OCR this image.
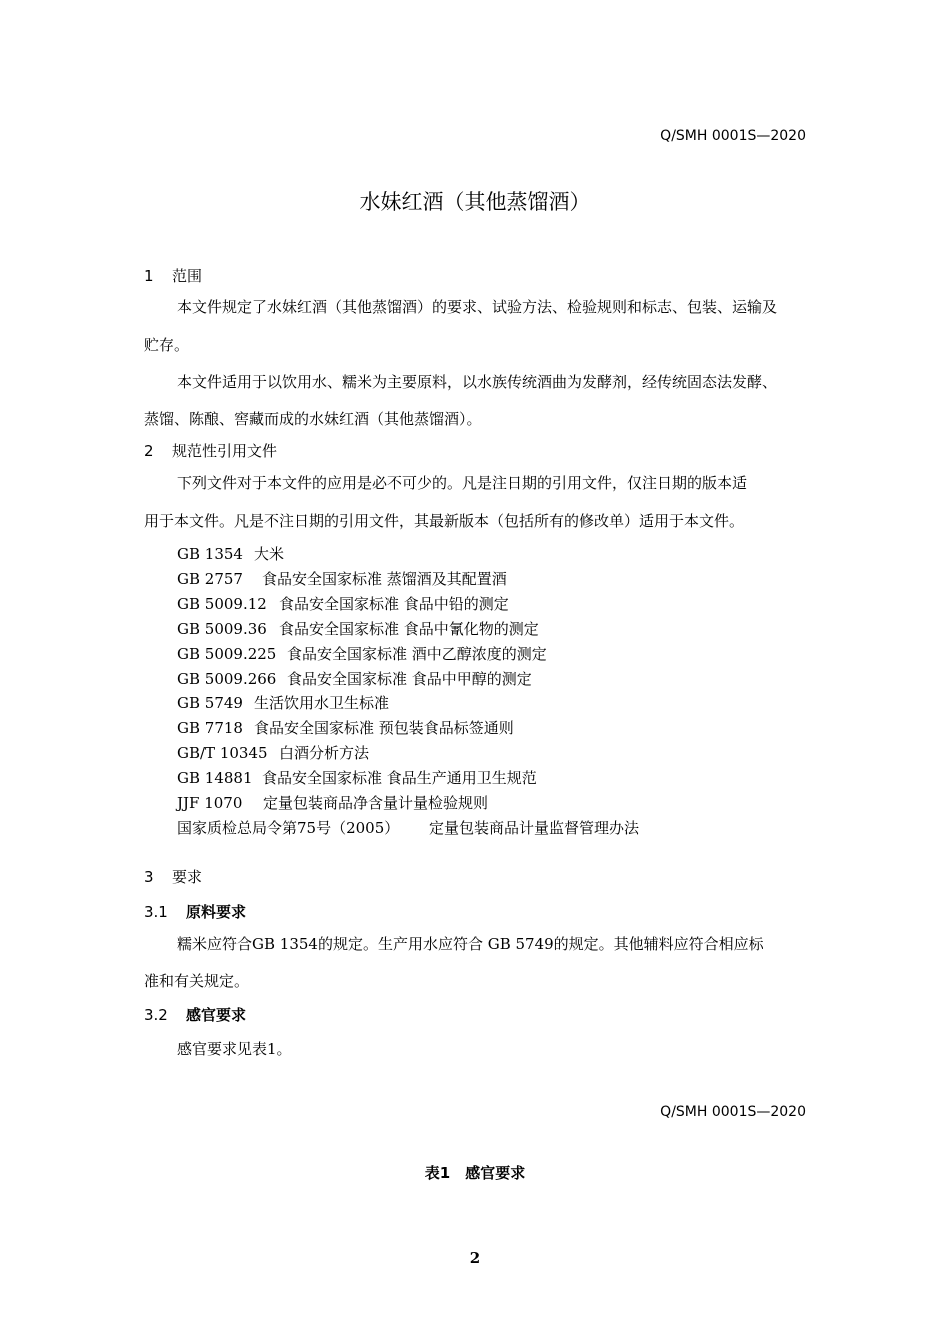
Q/SMH 0001S—2020
水妹红酒（其他蒸馏酒）
1 范围
本文件规定了水妹红酒（其他蒸馏酒）的要求、试验方法、检验规则和标志、包装、运输及
贮存。
本文件适用于以饮用水、糯米为主要原料，以水族传统酒曲为发酵剂，经传统固态法发酵、
蒸馏、陈酿、窖藏而成的水妹红酒（其他蒸馏酒）。
2 规范性引用文件
下列文件对于本文件的应用是必不可少的。凡是注日期的引用文件，仅注日期的版本适
用于本文件。凡是不注日期的引用文件，其最新版本（包括所有的修改单）适用于本文件。
GB 1354 大米
GB 2757 食品安全国家标准 蒸馏酒及其配置酒
GB 5009.12 食品安全国家标准 食品中铅的测定
GB 5009.36 食品安全国家标准 食品中氰化物的测定
GB 5009.225 食品安全国家标准 酒中乙醇浓度的测定
GB 5009.266 食品安全国家标准 食品中甲醇的测定
GB 5749 生活饮用水卫生标准
GB 7718 食品安全国家标准 预包装食品标签通则
GB/T 10345 白酒分析方法
GB 14881 食品安全国家标准 食品生产通用卫生规范
JJF 1070 定量包装商品净含量计量检验规则
国家质检总局令第75号（2005） 定量包装商品计量监督管理办法
3 要求
3.1 原料要求
糯米应符合GB 1354的规定。生产用水应符合 GB 5749的规定。其他辅料应符合相应标
准和有关规定。
3.2 感官要求
感官要求见表1。
Q/SMH 0001S—2020
表1　感官要求
2
